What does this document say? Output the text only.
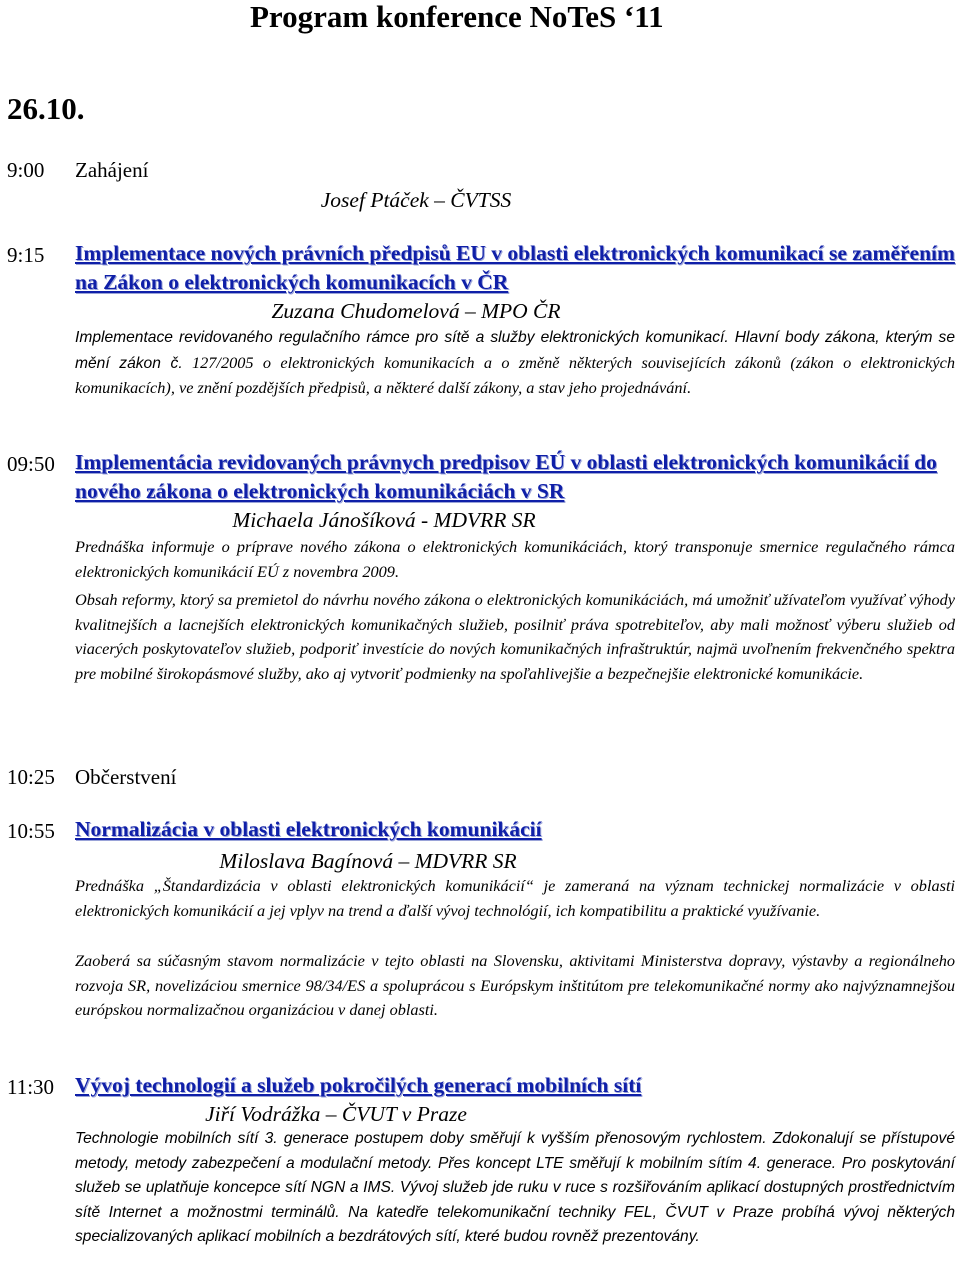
Program konference NoTeS ‘11
26.10.
9:00 Zahájení
Josef Ptáček – ČVTSS
9:15 Implementace nových právních předpisů EU v oblasti elektronických komunikací se zaměřením na Zákon o elektronických komunikacích v ČR
Zuzana Chudomelová – MPO ČR
Implementace revidovaného regulačního rámce pro sítě a služby elektronických komunikací. Hlavní body zákona, kterým se mění zákon č. 127/2005 o elektronických komunikacích a o změně některých souvisejících zákonů (zákon o elektronických komunikacích), ve znění pozdějších předpisů, a některé další zákony, a stav jeho projednávání.
09:50 Implementácia revidovaných právnych predpisov EÚ v oblasti elektronických komunikácií do nového zákona o elektronických komunikáciách v SR
Michaela Jánošíková - MDVRR SR
Prednáška informuje o príprave nového zákona o elektronických komunikáciách, ktorý transponuje smernice regulačného rámca elektronických komunikácií EÚ z novembra 2009.
Obsah reformy, ktorý sa premietol do návrhu nového zákona o elektronických komunikáciách, má umožniť užívateľom využívať výhody kvalitnejších a lacnejších elektronických komunikačných služieb, posilniť práva spotrebiteľov, aby mali možnosť výberu služieb od viacerých poskytovateľov služieb, podporiť investície do nových komunikačných infraštruktúr, najmä uvoľnením frekvenčného spektra pre mobilné širokopásmové služby, ako aj vytvoriť podmienky na spoľahlivejšie a bezpečnejšie elektronické komunikácie.
10:25 Občerstvení
10:55 Normalizácia v oblasti elektronických komunikácií
Miloslava Bagínová – MDVRR SR
Prednáška „Štandardizácia v oblasti elektronických komunikácií“ je zameraná na význam technickej normalizácie v oblasti elektronických komunikácií a jej vplyv na trend a ďalší vývoj technológií, ich kompatibilitu a praktické využívanie.
Zaoberá sa súčasným stavom normalizácie v tejto oblasti na Slovensku, aktivitami Ministerstva dopravy, výstavby a regionálneho rozvoja SR, novelizáciou smernice 98/34/ES a spoluprácou s Európskym inštitútom pre telekomunikačné normy ako najvýznamnejšou európskou normalizačnou organizáciou v danej oblasti.
11:30 Vývoj technologií a služeb pokročilých generací mobilních sítí
Jiří Vodrážka – ČVUT v Praze
Technologie mobilních sítí 3. generace postupem doby směřují k vyšším přenosovým rychlostem. Zdokonalují se přístupové metody, metody zabezpečení a modulační metody. Přes koncept LTE směřují k mobilním sítím 4. generace. Pro poskytování služeb se uplatňuje koncepce sítí NGN a IMS. Vývoj služeb jde ruku v ruce s rozšiřováním aplikací dostupných prostřednictvím sítě Internet a možnostmi terminálů. Na katedře telekomunikační techniky FEL, ČVUT v Praze probíhá vývoj některých specializovaných aplikací mobilních a bezdrátových sítí, které budou rovněž prezentovány.
